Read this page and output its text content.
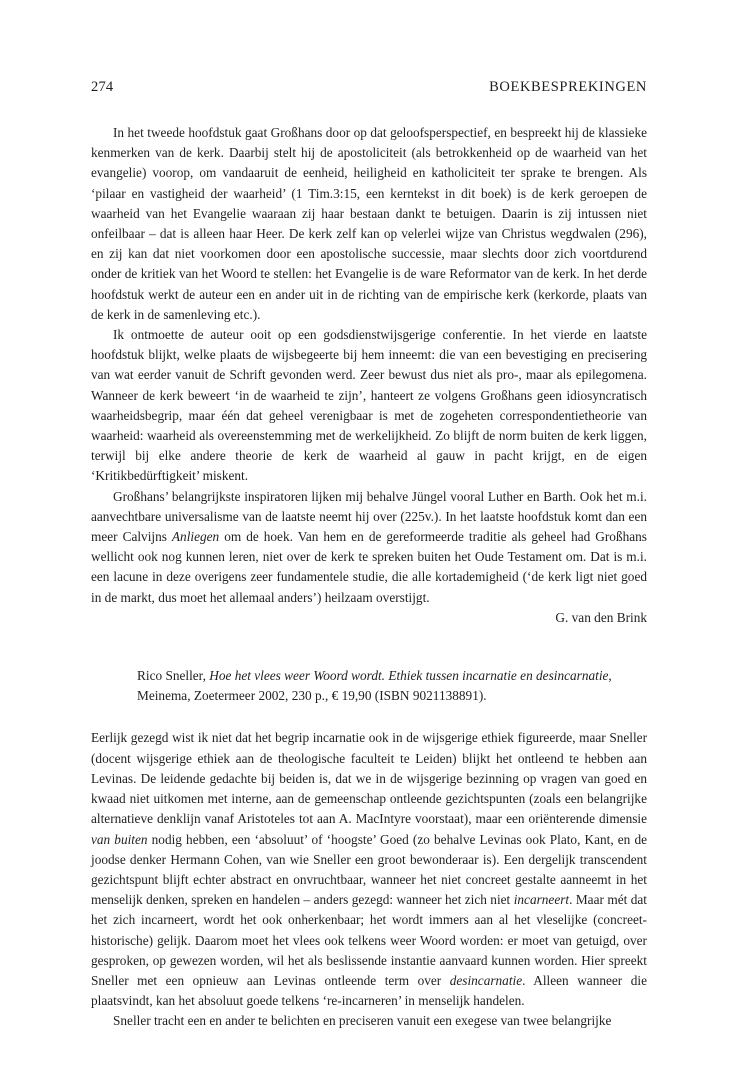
274	BOEKBESPREKINGEN

In het tweede hoofdstuk gaat Großhans door op dat geloofsperspectief, en bespreekt hij de klassieke kenmerken van de kerk. Daarbij stelt hij de apostoliciteit (als betrokkenheid op de waarheid van het evangelie) voorop, om vandaaruit de eenheid, heiligheid en katholiciteit ter sprake te brengen. Als ‘pilaar en vastigheid der waarheid’ (1 Tim.3:15, een kerntekst in dit boek) is de kerk geroepen de waarheid van het Evangelie waaraan zij haar bestaan dankt te betuigen. Daarin is zij intussen niet onfeilbaar – dat is alleen haar Heer. De kerk zelf kan op velerlei wijze van Christus wegdwalen (296), en zij kan dat niet voorkomen door een apostolische successie, maar slechts door zich voortdurend onder de kritiek van het Woord te stellen: het Evangelie is de ware Reformator van de kerk. In het derde hoofdstuk werkt de auteur een en ander uit in de richting van de empirische kerk (kerkorde, plaats van de kerk in de samenleving etc.).

Ik ontmoette de auteur ooit op een godsdienstwijsgerige conferentie. In het vierde en laatste hoofdstuk blijkt, welke plaats de wijsbegeerte bij hem inneemt: die van een bevestiging en precisering van wat eerder vanuit de Schrift gevonden werd. Zeer bewust dus niet als pro-, maar als epilegomena. Wanneer de kerk beweert ‘in de waarheid te zijn’, hanteert ze volgens Großhans geen idiosyncratisch waarheidsbegrip, maar één dat geheel verenigbaar is met de zogeheten correspondentietheorie van waarheid: waarheid als overeenstemming met de werkelijkheid. Zo blijft de norm buiten de kerk liggen, terwijl bij elke andere theorie de kerk de waarheid al gauw in pacht krijgt, en de eigen ‘Kritikbedürftigkeit’ miskent.

Großhans’ belangrijkste inspiratoren lijken mij behalve Jüngel vooral Luther en Barth. Ook het m.i. aanvechtbare universalisme van de laatste neemt hij over (225v.). In het laatste hoofdstuk komt dan een meer Calvijns Anliegen om de hoek. Van hem en de gereformeerde traditie als geheel had Großhans wellicht ook nog kunnen leren, niet over de kerk te spreken buiten het Oude Testament om. Dat is m.i. een lacune in deze overigens zeer fundamentele studie, die alle kortademigheid (‘de kerk ligt niet goed in de markt, dus moet het allemaal anders’) heilzaam overstijgt.

G. van den Brink
Rico Sneller, Hoe het vlees weer Woord wordt. Ethiek tussen incarnatie en desincarnatie, Meinema, Zoetermeer 2002, 230 p., € 19,90 (ISBN 9021138891).

Eerlijk gezegd wist ik niet dat het begrip incarnatie ook in de wijsgerige ethiek figureerde, maar Sneller (docent wijsgerige ethiek aan de theologische faculteit te Leiden) blijkt het ontleend te hebben aan Levinas. De leidende gedachte bij beiden is, dat we in de wijsgerige bezinning op vragen van goed en kwaad niet uitkomen met interne, aan de gemeenschap ontleende gezichtspunten (zoals een belangrijke alternatieve denklijn vanaf Aristoteles tot aan A. MacIntyre voorstaat), maar een oriënterende dimensie van buiten nodig hebben, een ‘absoluut’ of ‘hoogste’ Goed (zo behalve Levinas ook Plato, Kant, en de joodse denker Hermann Cohen, van wie Sneller een groot bewonderaar is). Een dergelijk transcendent gezichtspunt blijft echter abstract en onvruchtbaar, wanneer het niet concreet gestalte aanneemt in het menselijk denken, spreken en handelen – anders gezegd: wanneer het zich niet incarneert. Maar mét dat het zich incarneert, wordt het ook onherkenbaar; het wordt immers aan al het vleselijke (concreet-historische) gelijk. Daarom moet het vlees ook telkens weer Woord worden: er moet van getuigd, over gesproken, op gewezen worden, wil het als beslissende instantie aanvaard kunnen worden. Hier spreekt Sneller met een opnieuw aan Levinas ontleende term over desincarnatie. Alleen wanneer die plaatsvindt, kan het absoluut goede telkens ‘re-incarneren’ in menselijk handelen.

Sneller tracht een en ander te belichten en preciseren vanuit een exegese van twee belangrijke
